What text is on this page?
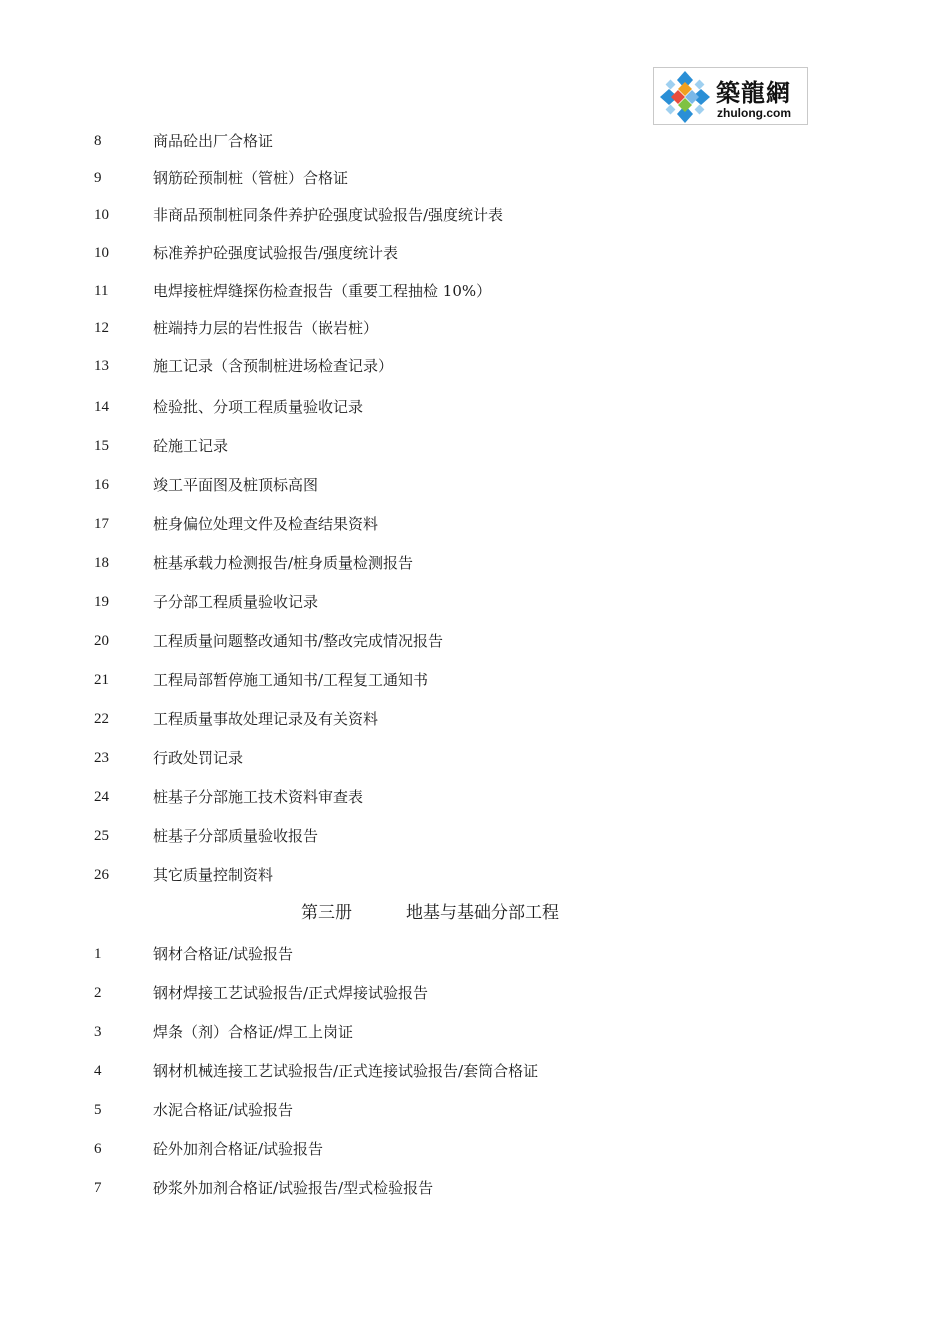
築龍網
zhulong.com
8	商品砼出厂合格证
9	钢筋砼预制桩（管桩）合格证
10	非商品预制桩同条件养护砼强度试验报告/强度统计表
10	标准养护砼强度试验报告/强度统计表
11	电焊接桩焊缝探伤检查报告（重要工程抽检 10%）
12	桩端持力层的岩性报告（嵌岩桩）
13	施工记录（含预制桩进场检查记录）
14	检验批、分项工程质量验收记录
15	砼施工记录
16	竣工平面图及桩顶标高图
17	桩身偏位处理文件及检查结果资料
18	桩基承载力检测报告/桩身质量检测报告
19	子分部工程质量验收记录
20	工程质量问题整改通知书/整改完成情况报告
21	工程局部暂停施工通知书/工程复工通知书
22	工程质量事故处理记录及有关资料
23	行政处罚记录
24	桩基子分部施工技术资料审查表
25	桩基子分部质量验收报告
26	其它质量控制资料
第三册	地基与基础分部工程
1	钢材合格证/试验报告
2	钢材焊接工艺试验报告/正式焊接试验报告
3	焊条（剂）合格证/焊工上岗证
4	钢材机械连接工艺试验报告/正式连接试验报告/套筒合格证
5	水泥合格证/试验报告
6	砼外加剂合格证/试验报告
7	砂浆外加剂合格证/试验报告/型式检验报告
